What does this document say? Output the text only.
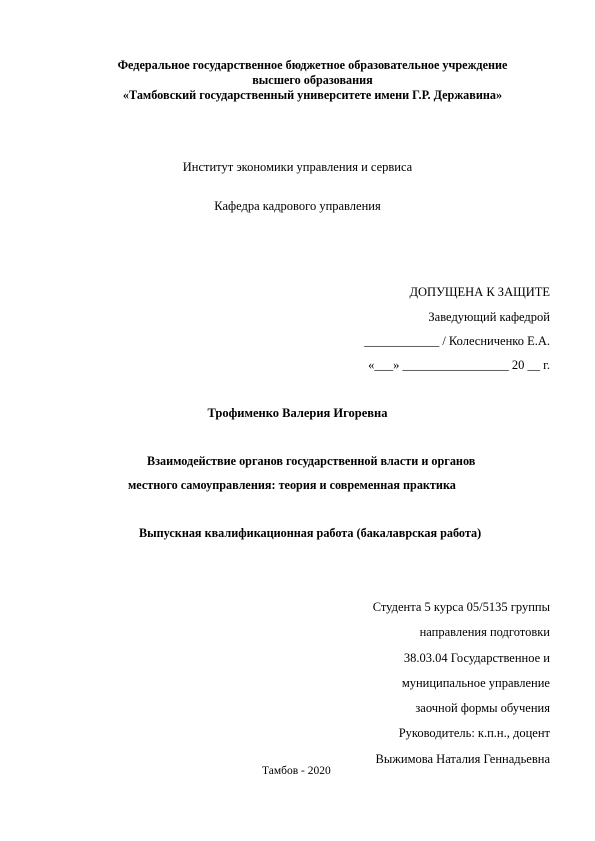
Федеральное государственное бюджетное образовательное учреждение
высшего образования
«Тамбовский государственный университете имени Г.Р. Державина»
Институт экономики управления и сервиса
Кафедра кадрового управления
ДОПУЩЕНА К ЗАЩИТЕ
Заведующий кафедрой
____________ / Колесниченко Е.А.
«___» _________________ 20 __ г.
Трофименко Валерия Игоревна
Взаимодействие органов государственной власти и органов
местного самоуправления: теория и современная практика
Выпускная квалификационная работа (бакалаврская работа)
Студента 5 курса 05/5135 группы
направления подготовки
38.03.04 Государственное и
муниципальное управление
заочной формы обучения
Руководитель: к.п.н., доцент
Выжимова Наталия Геннадьевна
Тамбов - 2020
